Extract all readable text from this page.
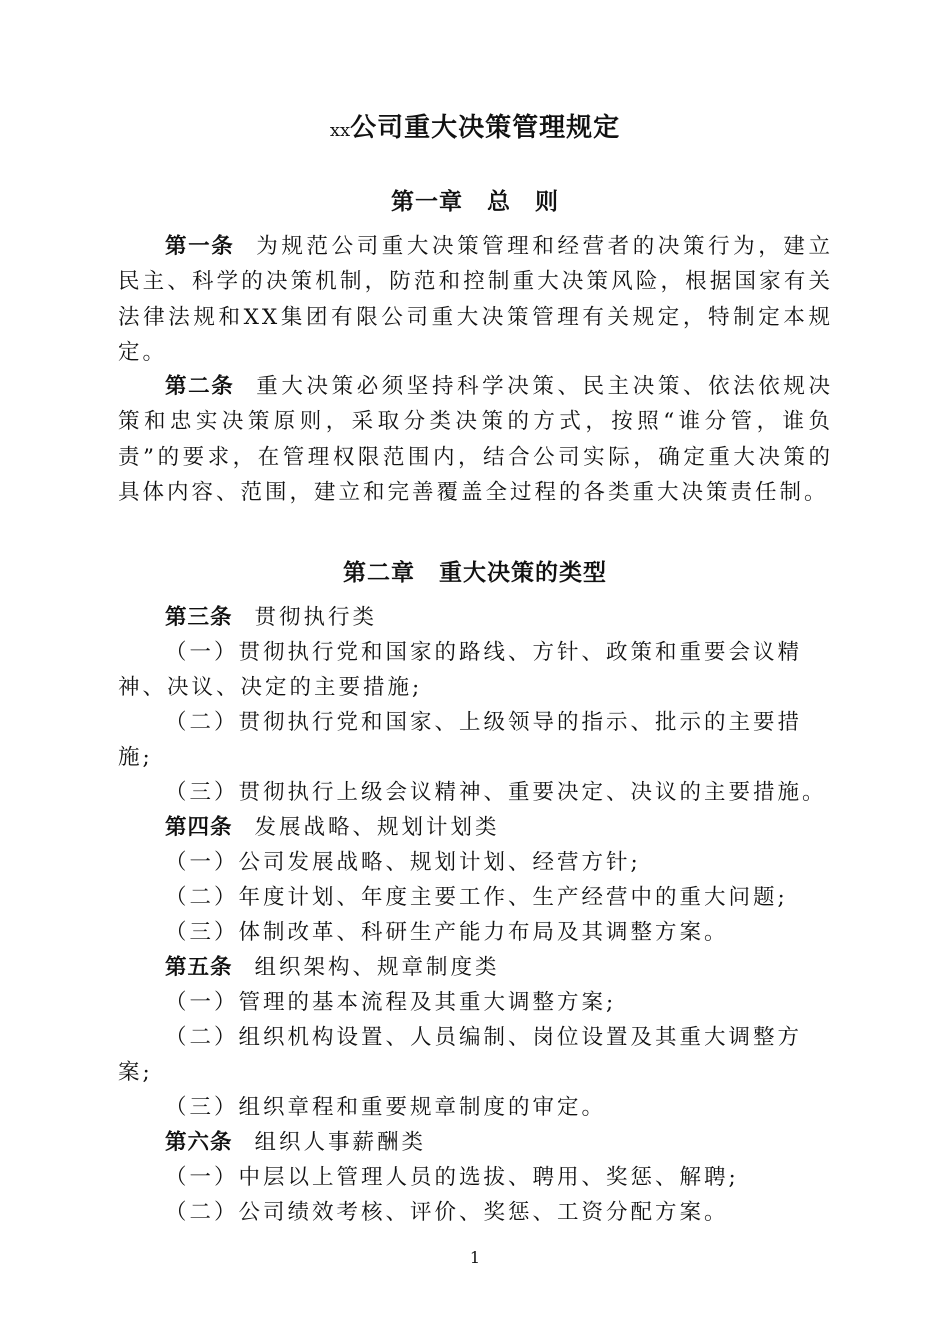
xx公司重大决策管理规定
第一章　总　则
第一条 为规范公司重大决策管理和经营者的决策行为，建立民主、科学的决策机制，防范和控制重大决策风险，根据国家有关法律法规和XX集团有限公司重大决策管理有关规定，特制定本规定。
第二条 重大决策必须坚持科学决策、民主决策、依法依规决策和忠实决策原则，采取分类决策的方式，按照“谁分管，谁负责”的要求，在管理权限范围内，结合公司实际，确定重大决策的具体内容、范围，建立和完善覆盖全过程的各类重大决策责任制。
第二章　重大决策的类型
第三条 贯彻执行类
（一）贯彻执行党和国家的路线、方针、政策和重要会议精
神、决议、决定的主要措施;
（二）贯彻执行党和国家、上级领导的指示、批示的主要措
施;
（三）贯彻执行上级会议精神、重要决定、决议的主要措施。
第四条 发展战略、规划计划类
（一）公司发展战略、规划计划、经营方针;
（二）年度计划、年度主要工作、生产经营中的重大问题;
（三）体制改革、科研生产能力布局及其调整方案。
第五条 组织架构、规章制度类
（一）管理的基本流程及其重大调整方案;
（二）组织机构设置、人员编制、岗位设置及其重大调整方
案;
（三）组织章程和重要规章制度的审定。
第六条 组织人事薪酬类
（一）中层以上管理人员的选拔、聘用、奖惩、解聘;
（二）公司绩效考核、评价、奖惩、工资分配方案。
1
